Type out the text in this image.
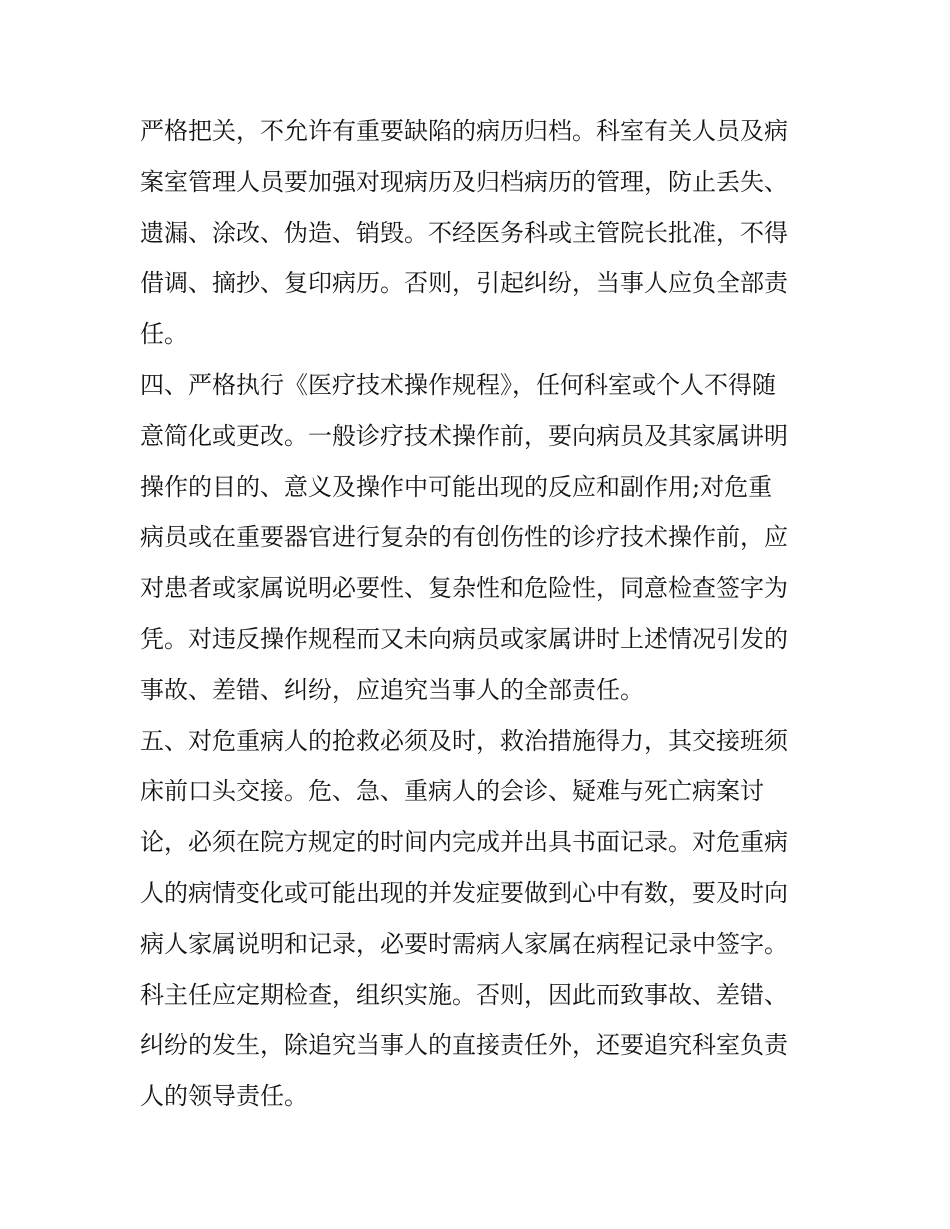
严格把关，不允许有重要缺陷的病历归档。科室有关人员及病
案室管理人员要加强对现病历及归档病历的管理，防止丢失、
遗漏、涂改、伪造、销毁。不经医务科或主管院长批准，不得
借调、摘抄、复印病历。否则，引起纠纷，当事人应负全部责
任。
四、严格执行《医疗技术操作规程》，任何科室或个人不得随
意简化或更改。一般诊疗技术操作前，要向病员及其家属讲明
操作的目的、意义及操作中可能出现的反应和副作用;对危重
病员或在重要器官进行复杂的有创伤性的诊疗技术操作前，应
对患者或家属说明必要性、复杂性和危险性，同意检查签字为
凭。对违反操作规程而又未向病员或家属讲时上述情况引发的
事故、差错、纠纷，应追究当事人的全部责任。
五、对危重病人的抢救必须及时，救治措施得力，其交接班须
床前口头交接。危、急、重病人的会诊、疑难与死亡病案讨
论，必须在院方规定的时间内完成并出具书面记录。对危重病
人的病情变化或可能出现的并发症要做到心中有数，要及时向
病人家属说明和记录，必要时需病人家属在病程记录中签字。
科主任应定期检查，组织实施。否则，因此而致事故、差错、
纠纷的发生，除追究当事人的直接责任外，还要追究科室负责
人的领导责任。
